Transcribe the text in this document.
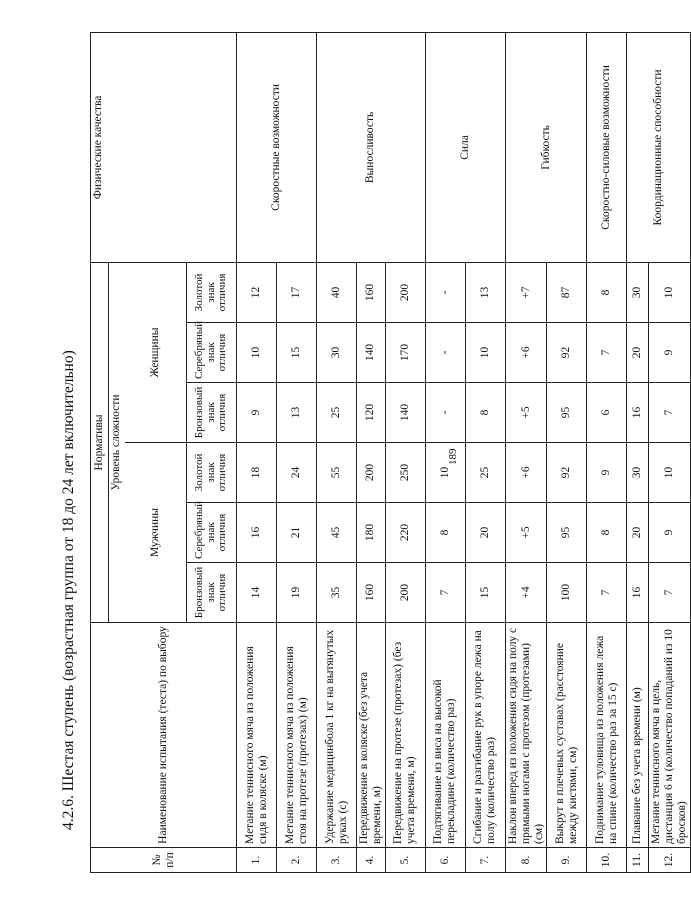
189
4.2.6. Шестая ступень (возрастная группа от 18 до 24 лет включительно)
№ п/п	Наименование испытания (теста) по выбору	Нормативы						Физические качества
		Уровень сложности						
		Мужчины			Женщины			
		Бронзовый знак отличия	Серебряный знак отличия	Золотой знак отличия	Бронзовый знак отличия	Серебряный знак отличия	Золотой знак отличия	
1.	Метание теннисного мяча из положения сидя в коляске (м)	14	16	18	9	10	12	Скоростные возможности
2.	Метание теннисного мяча из положения стоя на протезе (протезах) (м)	19	21	24	13	15	17	
3.	Удержание медицинбола 1 кг на вытянутых руках (с)	35	45	55	25	30	40	Выносливость
4.	Передвижение в коляске (без учета времени, м)	160	180	200	120	140	160	
5.	Передвижение на протезе (протезах) (без учета времени, м)	200	220	250	140	170	200	
6.	Подтягивание из виса на высокой перекладине (количество раз)	7	8	10	-	-	-	Сила
7.	Сгибание и разгибание рук в упоре лежа на полу (количество раз)	15	20	25	8	10	13	
8.	Наклон вперед из положения сидя на полу с прямыми ногами с протезом (протезами) (см)	+4	+5	+6	+5	+6	+7	Гибкость
9.	Выкрут в плечевых суставах (расстояние между кистями, см)	100	95	92	95	92	87	
10.	Поднимание туловища из положения лежа на спине (количество раз за 15 с)	7	8	9	6	7	8	Скоростно-силовые возможности
11.	Плавание без учета времени (м)	16	20	30	16	20	30	Координационные способности
12.	Метание теннисного мяча в цель, дистанция 6 м (количество попаданий из 10 бросков)	7	9	10	7	9	10	
